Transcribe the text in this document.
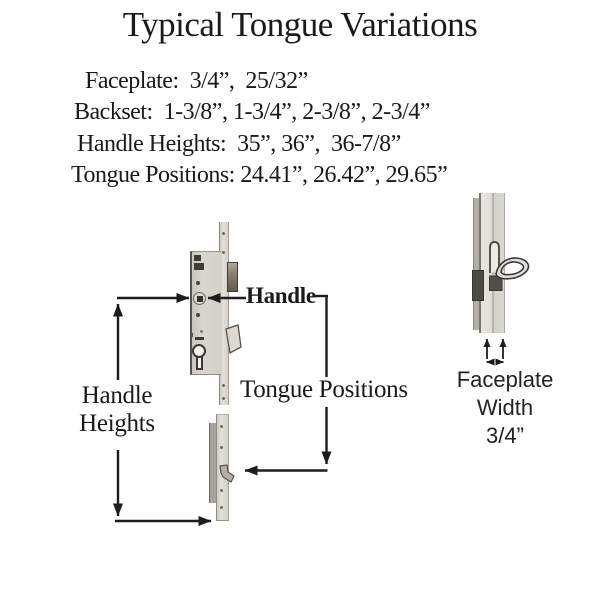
Typical Tongue Variations
Faceplate:  3/4”,  25/32”
Backset:  1-3/8”, 1-3/4”, 2-3/8”, 2-3/4”
Handle Heights:  35”, 36”,  36-7/8”
Tongue Positions: 24.41”, 26.42”, 29.65”
Handle
Handle
Heights
Tongue Positions	Faceplate
Width
3/4”
